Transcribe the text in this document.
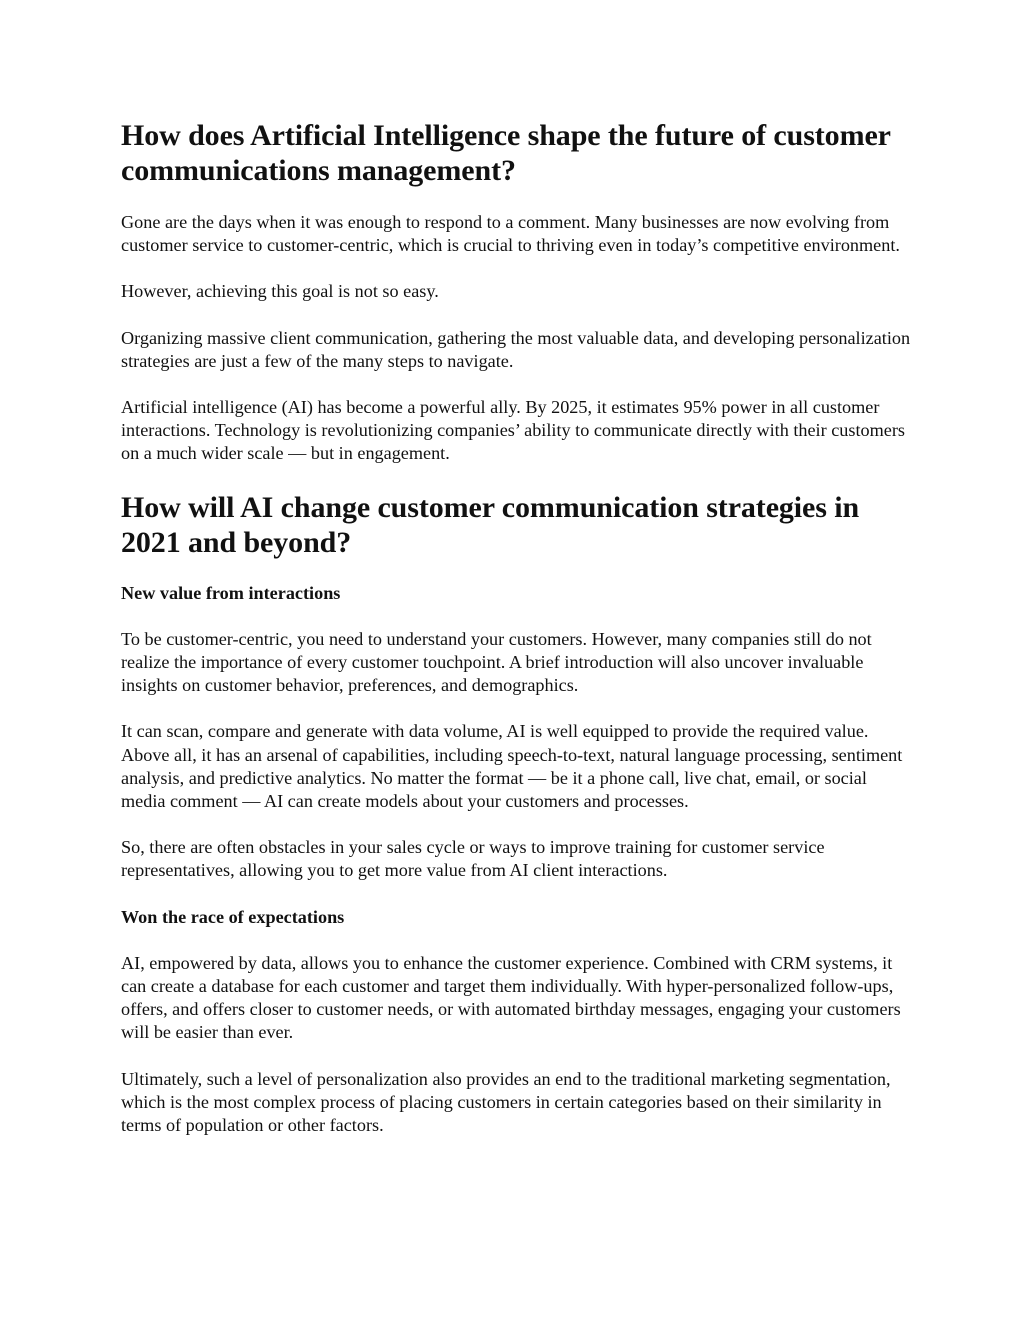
How does Artificial Intelligence shape the future of customer communications management?

Gone are the days when it was enough to respond to a comment. Many businesses are now evolving from customer service to customer-centric, which is crucial to thriving even in today’s competitive environment.

However, achieving this goal is not so easy.

Organizing massive client communication, gathering the most valuable data, and developing personalization strategies are just a few of the many steps to navigate.

Artificial intelligence (AI) has become a powerful ally. By 2025, it estimates 95% power in all customer interactions. Technology is revolutionizing companies’ ability to communicate directly with their customers on a much wider scale — but in engagement.

How will AI change customer communication strategies in 2021 and beyond?

New value from interactions

To be customer-centric, you need to understand your customers. However, many companies still do not realize the importance of every customer touchpoint. A brief introduction will also uncover invaluable insights on customer behavior, preferences, and demographics.

It can scan, compare and generate with data volume, AI is well equipped to provide the required value. Above all, it has an arsenal of capabilities, including speech-to-text, natural language processing, sentiment analysis, and predictive analytics. No matter the format — be it a phone call, live chat, email, or social media comment — AI can create models about your customers and processes.

So, there are often obstacles in your sales cycle or ways to improve training for customer service representatives, allowing you to get more value from AI client interactions.

Won the race of expectations

AI, empowered by data, allows you to enhance the customer experience. Combined with CRM systems, it can create a database for each customer and target them individually. With hyper-personalized follow-ups, offers, and offers closer to customer needs, or with automated birthday messages, engaging your customers will be easier than ever.

Ultimately, such a level of personalization also provides an end to the traditional marketing segmentation, which is the most complex process of placing customers in certain categories based on their similarity in terms of population or other factors.
